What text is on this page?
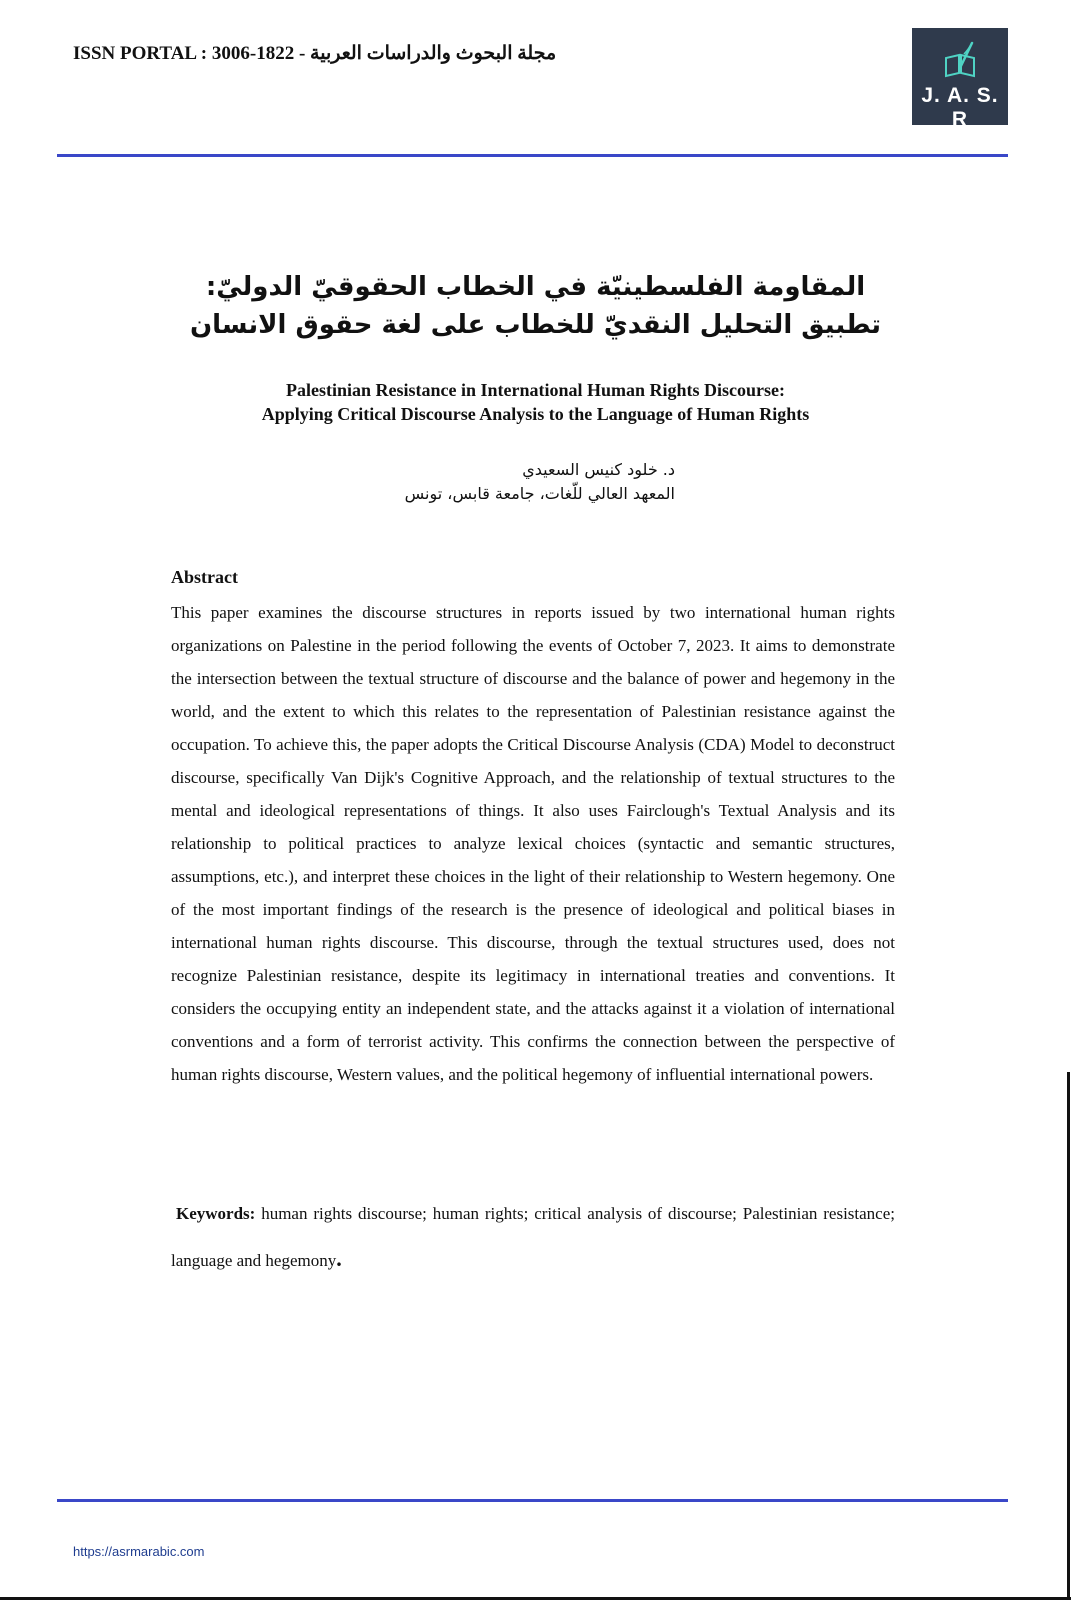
ISSN PORTAL : 3006-1822 - مجلة البحوث والدراسات العربية
J. A. S. R
المقاومة الفلسطينيّة في الخطاب الحقوقيّ الدوليّ:
تطبيق التحليل النقديّ للخطاب على لغة حقوق الانسان
Palestinian Resistance in International Human Rights Discourse:
Applying Critical Discourse Analysis to the Language of Human Rights
د. خلود كنيس السعيدي
المعهد العالي للّغات، جامعة قابس، تونس
Abstract
This paper examines the discourse structures in reports issued by two international human rights organizations on Palestine in the period following the events of October 7, 2023. It aims to demonstrate the intersection between the textual structure of discourse and the balance of power and hegemony in the world, and the extent to which this relates to the representation of Palestinian resistance against the occupation. To achieve this, the paper adopts the Critical Discourse Analysis (CDA) Model to deconstruct discourse, specifically Van Dijk's Cognitive Approach, and the relationship of textual structures to the mental and ideological representations of things. It also uses Fairclough's Textual Analysis and its relationship to political practices to analyze lexical choices (syntactic and semantic structures, assumptions, etc.), and interpret these choices in the light of their relationship to Western hegemony. One of the most important findings of the research is the presence of ideological and political biases in international human rights discourse. This discourse, through the textual structures used, does not recognize Palestinian resistance, despite its legitimacy in international treaties and conventions. It considers the occupying entity an independent state, and the attacks against it a violation of international conventions and a form of terrorist activity. This confirms the connection between the perspective of human rights discourse, Western values, and the political hegemony of influential international powers.
Keywords: human rights discourse; human rights; critical analysis of discourse; Palestinian resistance; language and hegemony.
https://asrmarabic.com
